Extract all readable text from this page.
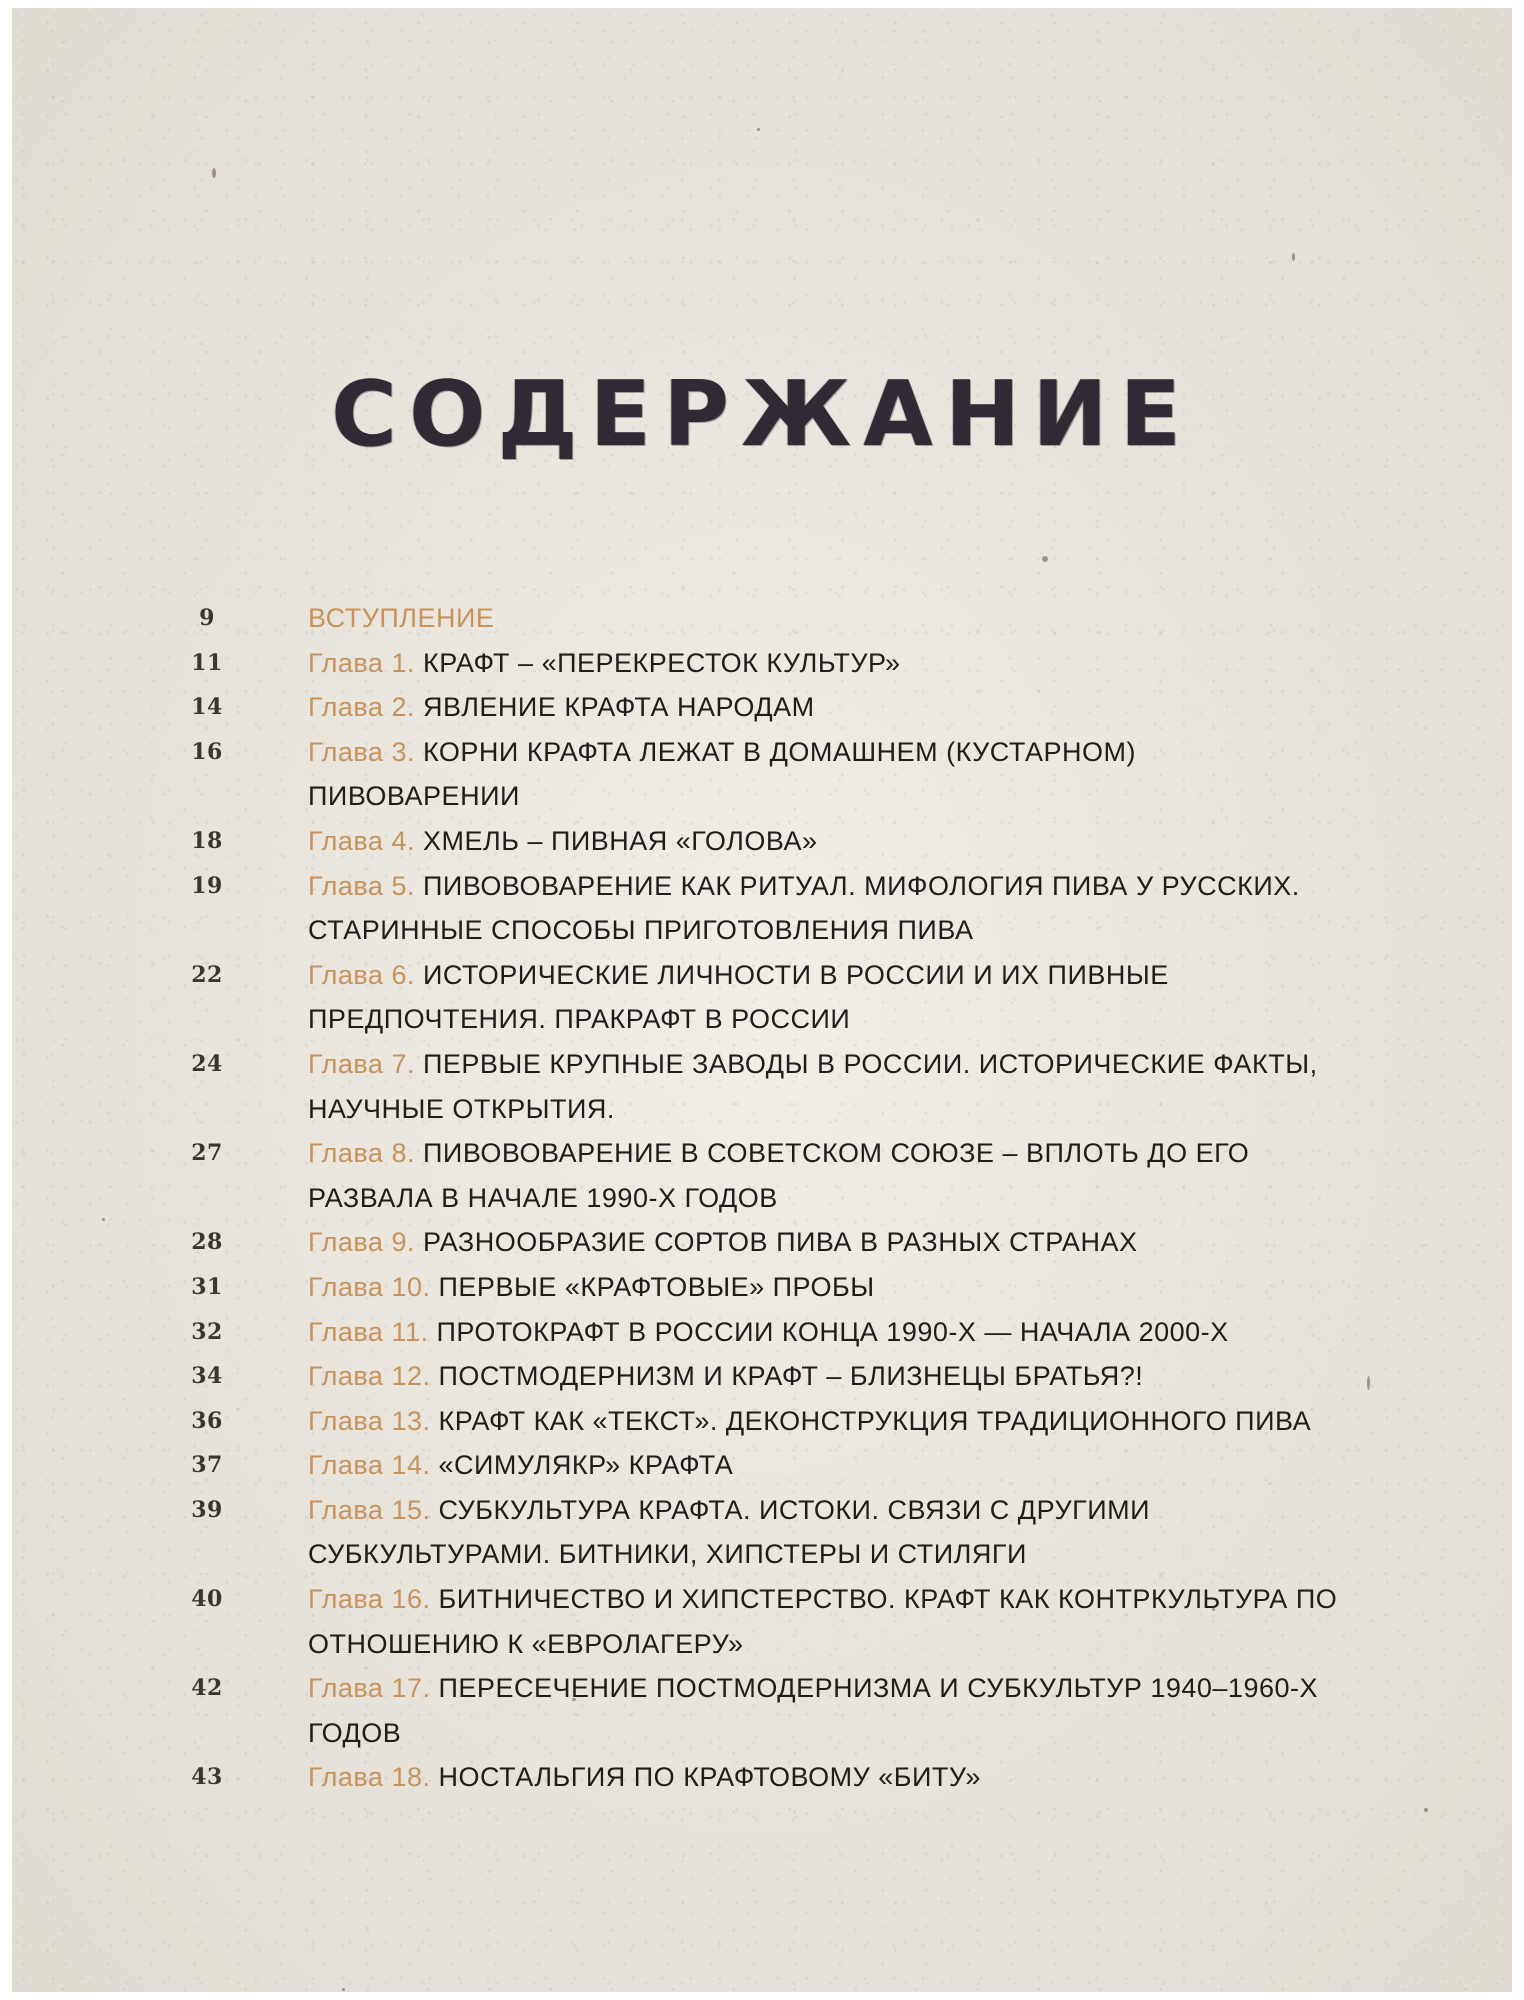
СОДЕРЖАНИЕ
9	ВСТУПЛЕНИЕ
11	Глава 1. КРАФТ – «ПЕРЕКРЕСТОК КУЛЬТУР»
14	Глава 2. ЯВЛЕНИЕ КРАФТА НАРОДАМ
16	Глава 3. КОРНИ КРАФТА ЛЕЖАТ В ДОМАШНЕМ (КУСТАРНОМ)
ПИВОВАРЕНИИ
18	Глава 4. ХМЕЛЬ – ПИВНАЯ «ГОЛОВА»
19	Глава 5. ПИВОВОВАРЕНИЕ КАК РИТУАЛ. МИФОЛОГИЯ ПИВА У РУССКИХ.
СТАРИННЫЕ СПОСОБЫ ПРИГОТОВЛЕНИЯ ПИВА
22	Глава 6. ИСТОРИЧЕСКИЕ ЛИЧНОСТИ В РОССИИ И ИХ ПИВНЫЕ
ПРЕДПОЧТЕНИЯ. ПРАКРАФТ В РОССИИ
24	Глава 7. ПЕРВЫЕ КРУПНЫЕ ЗАВОДЫ В РОССИИ. ИСТОРИЧЕСКИЕ ФАКТЫ,
НАУЧНЫЕ ОТКРЫТИЯ.
27	Глава 8. ПИВОВОВАРЕНИЕ В СОВЕТСКОМ СОЮЗЕ – ВПЛОТЬ ДО ЕГО
РАЗВАЛА В НАЧАЛЕ 1990-Х ГОДОВ
28	Глава 9. РАЗНООБРАЗИЕ СОРТОВ ПИВА В РАЗНЫХ СТРАНАХ
31	Глава 10. ПЕРВЫЕ «КРАФТОВЫЕ» ПРОБЫ
32	Глава 11. ПРОТОКРАФТ В РОССИИ КОНЦА 1990-Х — НАЧАЛА 2000-Х
34	Глава 12. ПОСТМОДЕРНИЗМ И КРАФТ – БЛИЗНЕЦЫ БРАТЬЯ?!
36	Глава 13. КРАФТ КАК «ТЕКСТ». ДЕКОНСТРУКЦИЯ ТРАДИЦИОННОГО ПИВА
37	Глава 14. «СИМУЛЯКР» КРАФТА
39	Глава 15. СУБКУЛЬТУРА КРАФТА. ИСТОКИ. СВЯЗИ С ДРУГИМИ
СУБКУЛЬТУРАМИ. БИТНИКИ, ХИПСТЕРЫ И СТИЛЯГИ
40	Глава 16. БИТНИЧЕСТВО И ХИПСТЕРСТВО. КРАФТ КАК КОНТРКУЛЬТУРА ПО
ОТНОШЕНИЮ К «ЕВРОЛАГЕРУ»
42	Глава 17. ПЕРЕСЕЧЕНИЕ ПОСТМОДЕРНИЗМА И СУБКУЛЬТУР 1940–1960-Х
ГОДОВ
43	Глава 18. НОСТАЛЬГИЯ ПО КРАФТОВОМУ «БИТУ»
